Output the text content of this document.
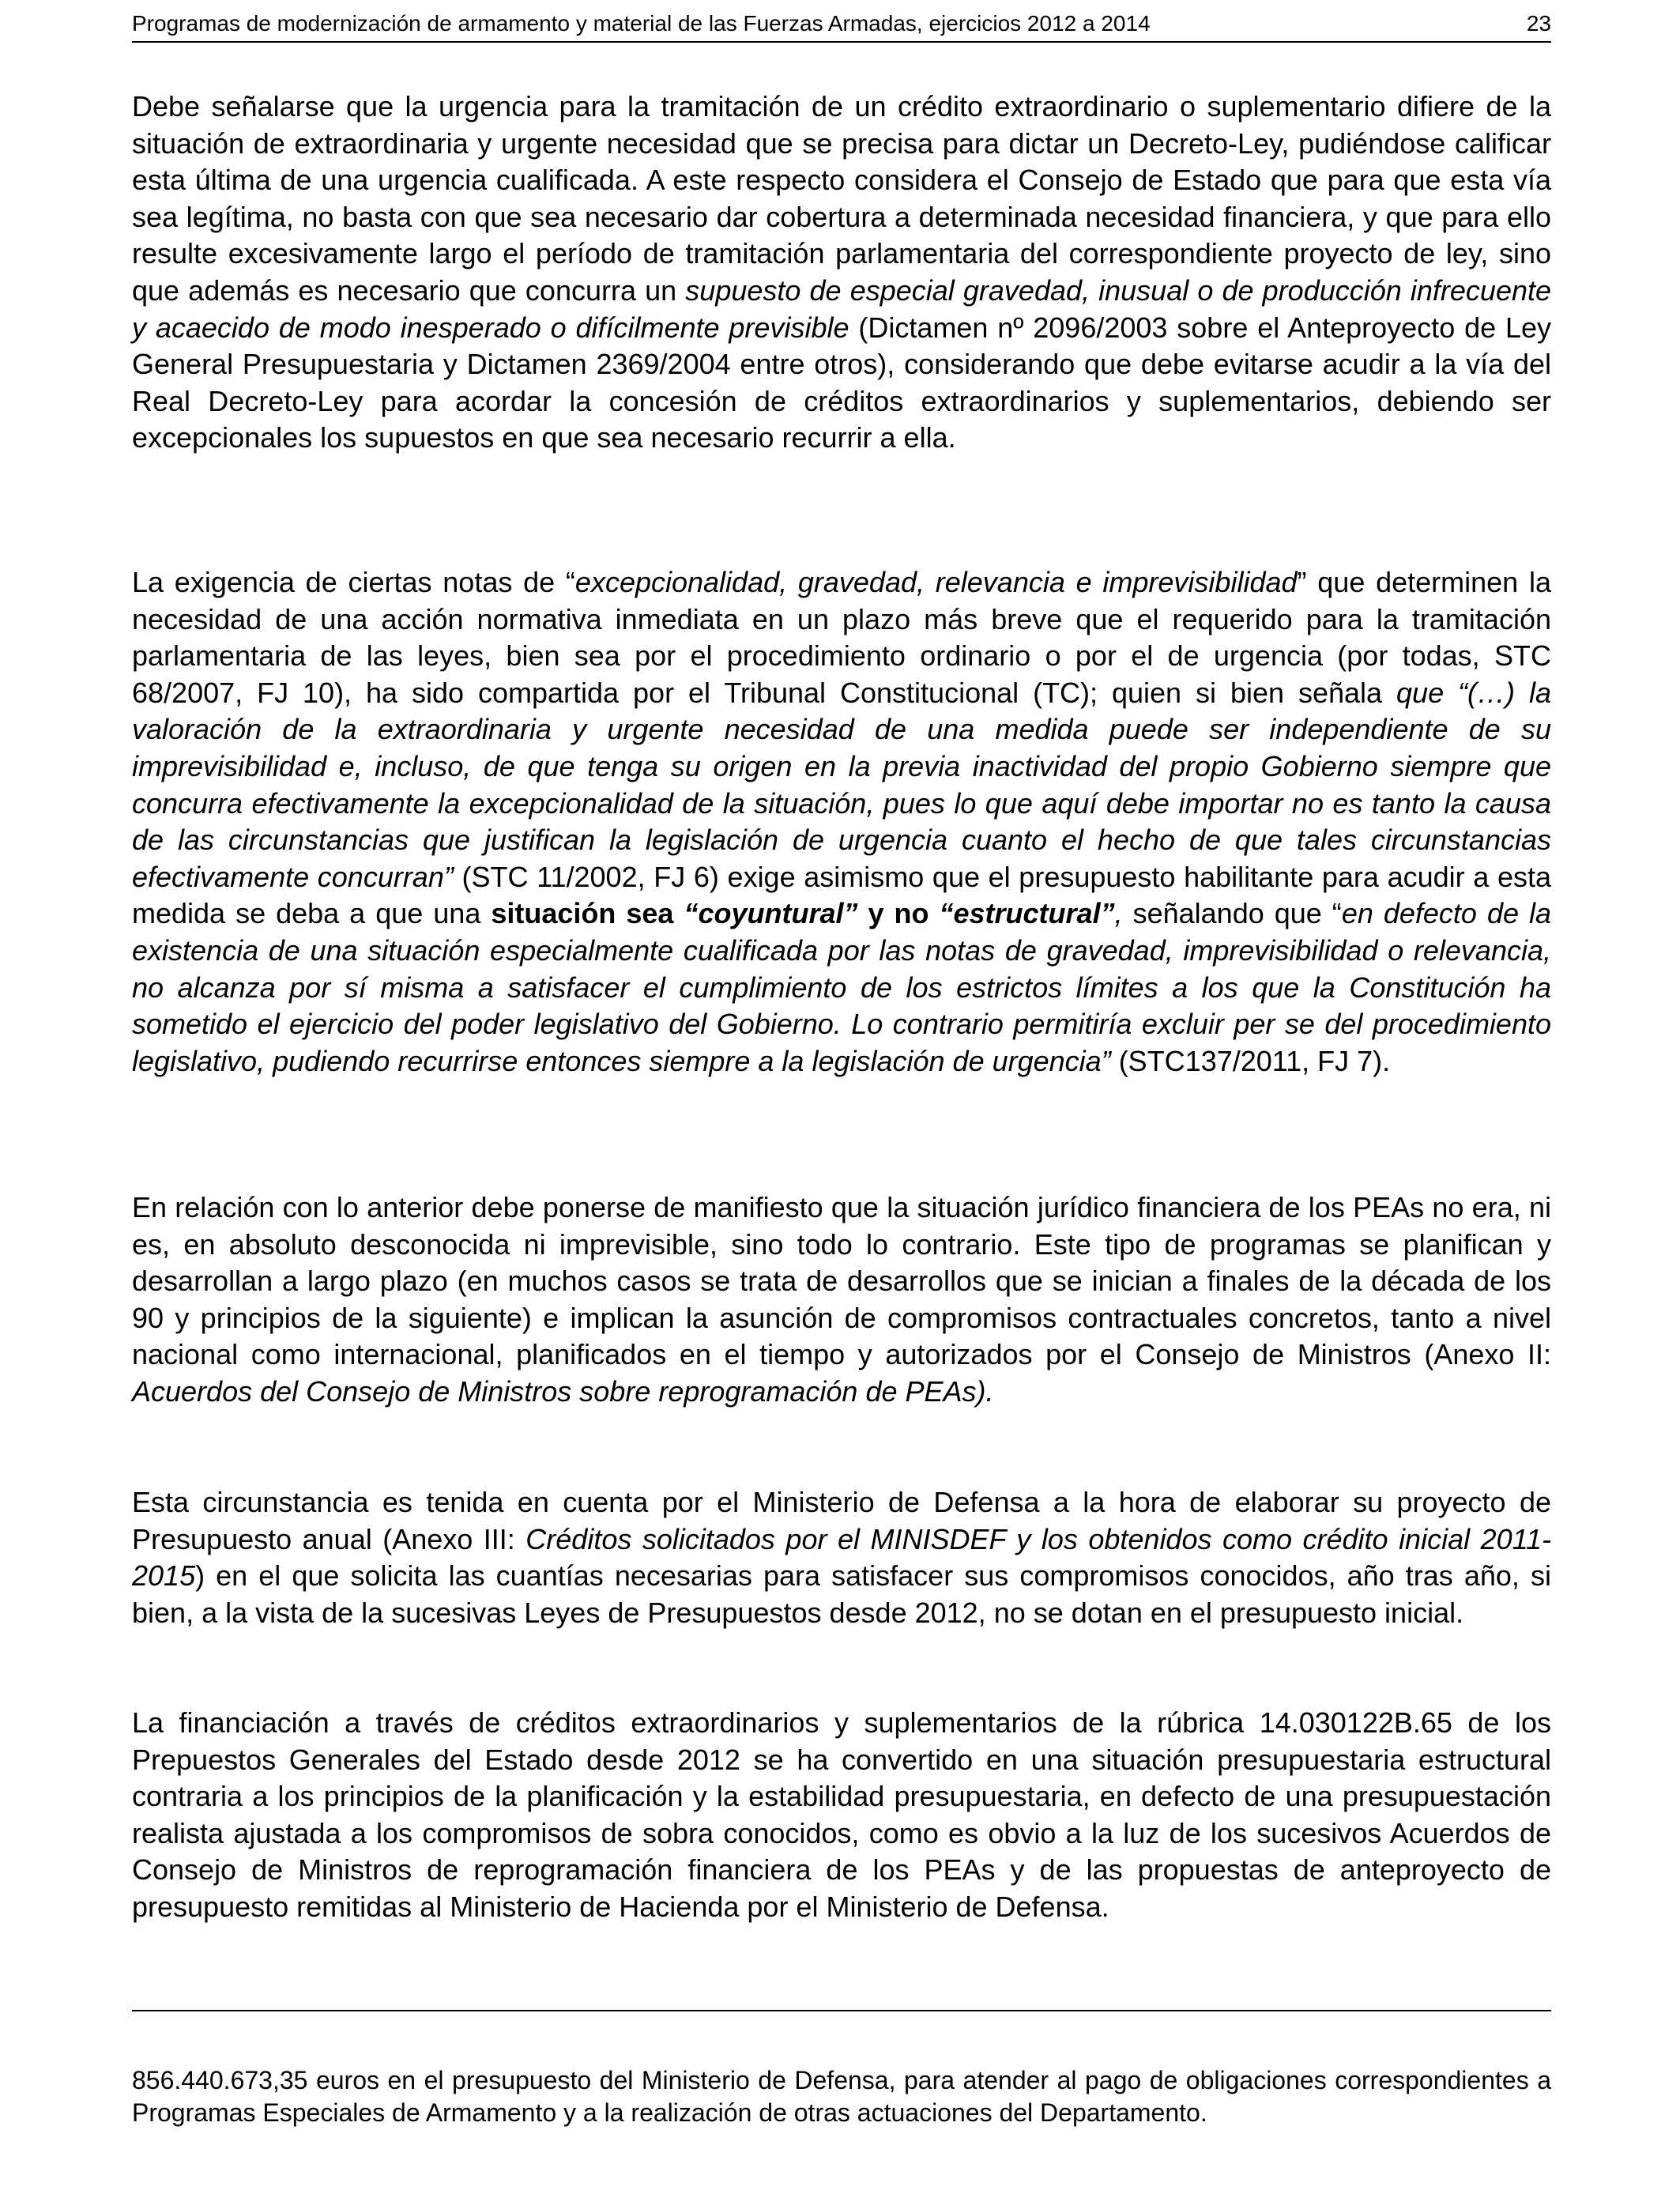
Programas de modernización de armamento y material de las Fuerzas Armadas, ejercicios 2012 a 2014	23

Debe señalarse que la urgencia para la tramitación de un crédito extraordinario o suplementario difiere de la situación de extraordinaria y urgente necesidad que se precisa para dictar un Decreto-Ley, pudiéndose calificar esta última de una urgencia cualificada. A este respecto considera el Consejo de Estado que para que esta vía sea legítima, no basta con que sea necesario dar cobertura a determinada necesidad financiera, y que para ello resulte excesivamente largo el período de tramitación parlamentaria del correspondiente proyecto de ley, sino que además es necesario que concurra un supuesto de especial gravedad, inusual o de producción infrecuente y acaecido de modo inesperado o difícilmente previsible (Dictamen nº 2096/2003 sobre el Anteproyecto de Ley General Presupuestaria y Dictamen 2369/2004 entre otros), considerando que debe evitarse acudir a la vía del Real Decreto-Ley para acordar la concesión de créditos extraordinarios y suplementarios, debiendo ser excepcionales los supuestos en que sea necesario recurrir a ella.

La exigencia de ciertas notas de “excepcionalidad, gravedad, relevancia e imprevisibilidad” que determinen la necesidad de una acción normativa inmediata en un plazo más breve que el requerido para la tramitación parlamentaria de las leyes, bien sea por el procedimiento ordinario o por el de urgencia (por todas, STC 68/2007, FJ 10), ha sido compartida por el Tribunal Constitucional (TC); quien si bien señala que “(…) la valoración de la extraordinaria y urgente necesidad de una medida puede ser independiente de su imprevisibilidad e, incluso, de que tenga su origen en la previa inactividad del propio Gobierno siempre que concurra efectivamente la excepcionalidad de la situación, pues lo que aquí debe importar no es tanto la causa de las circunstancias que justifican la legislación de urgencia cuanto el hecho de que tales circunstancias efectivamente concurran” (STC 11/2002, FJ 6) exige asimismo que el presupuesto habilitante para acudir a esta medida se deba a que una situación sea “coyuntural” y no “estructural”, señalando que “en defecto de la existencia de una situación especialmente cualificada por las notas de gravedad, imprevisibilidad o relevancia, no alcanza por sí misma a satisfacer el cumplimiento de los estrictos límites a los que la Constitución ha sometido el ejercicio del poder legislativo del Gobierno. Lo contrario permitiría excluir per se del procedimiento legislativo, pudiendo recurrirse entonces siempre a la legislación de urgencia” (STC137/2011, FJ 7).

En relación con lo anterior debe ponerse de manifiesto que la situación jurídico financiera de los PEAs no era, ni es, en absoluto desconocida ni imprevisible, sino todo lo contrario. Este tipo de programas se planifican y desarrollan a largo plazo (en muchos casos se trata de desarrollos que se inician a finales de la década de los 90 y principios de la siguiente) e implican la asunción de compromisos contractuales concretos, tanto a nivel nacional como internacional, planificados en el tiempo y autorizados por el Consejo de Ministros (Anexo II: Acuerdos del Consejo de Ministros sobre reprogramación de PEAs).

Esta circunstancia es tenida en cuenta por el Ministerio de Defensa a la hora de elaborar su proyecto de Presupuesto anual (Anexo III: Créditos solicitados por el MINISDEF y los obtenidos como crédito inicial 2011-2015) en el que solicita las cuantías necesarias para satisfacer sus compromisos conocidos, año tras año, si bien, a la vista de la sucesivas Leyes de Presupuestos desde 2012, no se dotan en el presupuesto inicial.

La financiación a través de créditos extraordinarios y suplementarios de la rúbrica 14.030122B.65 de los Prepuestos Generales del Estado desde 2012 se ha convertido en una situación presupuestaria estructural contraria a los principios de la planificación y la estabilidad presupuestaria, en defecto de una presupuestación realista ajustada a los compromisos de sobra conocidos, como es obvio a la luz de los sucesivos Acuerdos de Consejo de Ministros de reprogramación financiera de los PEAs y de las propuestas de anteproyecto de presupuesto remitidas al Ministerio de Hacienda por el Ministerio de Defensa.

856.440.673,35 euros en el presupuesto del Ministerio de Defensa, para atender al pago de obligaciones correspondientes a Programas Especiales de Armamento y a la realización de otras actuaciones del Departamento.
